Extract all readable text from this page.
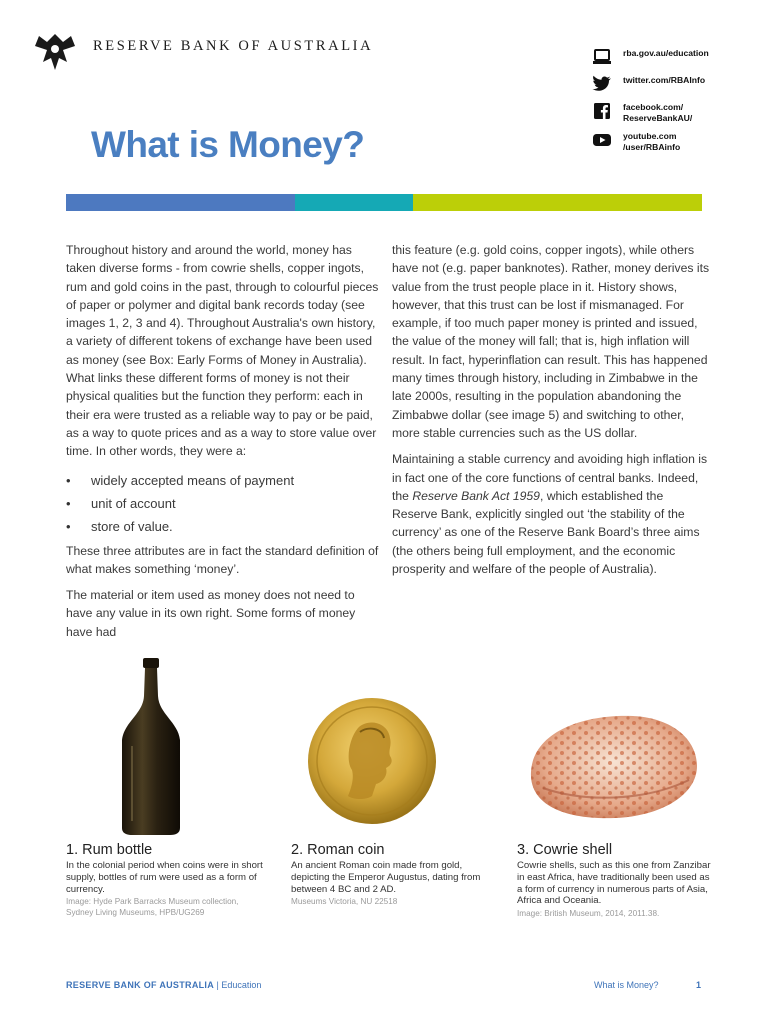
RESERVE BANK OF AUSTRALIA	rba.gov.au/education
twitter.com/RBAInfo
facebook.com/
ReserveBankAU/
youtube.com
/user/RBAinfo
What is Money?

Throughout history and around the world, money has taken diverse forms - from cowrie shells, copper ingots, rum and gold coins in the past, through to colourful pieces of paper or polymer and digital bank records today (see images 1, 2, 3 and 4). Throughout Australia's own history, a variety of different tokens of exchange have been used as money (see Box: Early Forms of Money in Australia). What links these different forms of money is not their physical qualities but the function they perform: each in their era were trusted as a reliable way to pay or be paid, as a way to quote prices and as a way to store value over time. In other words, they were a:

• widely accepted means of payment
• unit of account
• store of value.

These three attributes are in fact the standard definition of what makes something ‘money’.

The material or item used as money does not need to have any value in its own right. Some forms of money have had

this feature (e.g. gold coins, copper ingots), while others have not (e.g. paper banknotes). Rather, money derives its value from the trust people place in it. History shows, however, that this trust can be lost if mismanaged. For example, if too much paper money is printed and issued, the value of the money will fall; that is, high inflation will result. In fact, hyperinflation can result. This has happened many times through history, including in Zimbabwe in the late 2000s, resulting in the population abandoning the Zimbabwe dollar (see image 5) and switching to other, more stable currencies such as the US dollar.

Maintaining a stable currency and avoiding high inflation is in fact one of the core functions of central banks. Indeed, the Reserve Bank Act 1959, which established the Reserve Bank, explicitly singled out ‘the stability of the currency’ as one of the Reserve Bank Board’s three aims (the others being full employment, and the economic prosperity and welfare of the people of Australia).

1. Rum bottle
In the colonial period when coins were in short supply, bottles of rum were used as a form of currency.
Image: Hyde Park Barracks Museum collection, Sydney Living Museums, HPB/UG269
2. Roman coin
An ancient Roman coin made from gold, depicting the Emperor Augustus, dating from between 4 BC and 2 AD.
Museums Victoria, NU 22518
3. Cowrie shell
Cowrie shells, such as this one from Zanzibar in east Africa, have traditionally been used as a form of currency in numerous parts of Asia, Africa and Oceania.
Image: British Museum, 2014, 2011.38.
RESERVE BANK OF AUSTRALIA | Education	What is Money?	1
